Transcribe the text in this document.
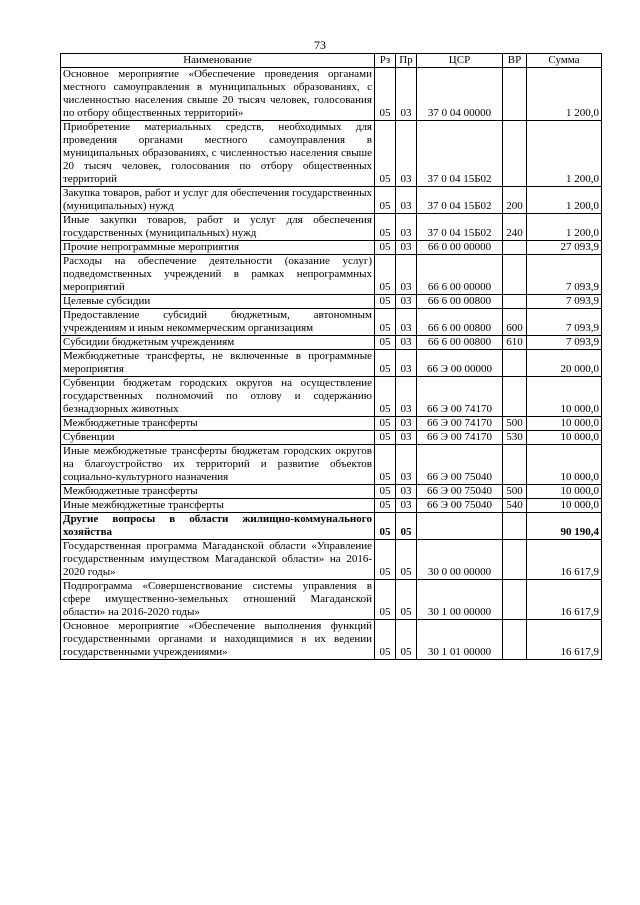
73
Наименование	Рз	Пр	ЦСР	ВР	Сумма
Основное мероприятие «Обеспечение проведения органами местного самоуправления в муниципальных образованиях, с численностью населения свыше 20 тысяч человек, голосования по отбору общественных территорий»	05	03	37 0 04 00000		1 200,0
Приобретение материальных средств, необходимых для проведения органами местного самоуправления в муниципальных образованиях, с численностью населения свыше 20 тысяч человек, голосования по отбору общественных территорий	05	03	37 0 04 15Б02		1 200,0
Закупка товаров, работ и услуг для обеспечения государственных (муниципальных) нужд	05	03	37 0 04 15Б02	200	1 200,0
Иные закупки товаров, работ и услуг для обеспечения государственных (муниципальных) нужд	05	03	37 0 04 15Б02	240	1 200,0
Прочие непрограммные мероприятия	05	03	66 0 00 00000		27 093,9
Расходы на обеспечение деятельности (оказание услуг) подведомственных учреждений в рамках непрограммных мероприятий	05	03	66 6 00 00000		7 093,9
Целевые субсидии	05	03	66 6 00 00800		7 093,9
Предоставление субсидий бюджетным, автономным учреждениям и иным некоммерческим организациям	05	03	66 6 00 00800	600	7 093,9
Субсидии бюджетным учреждениям	05	03	66 6 00 00800	610	7 093,9
Межбюджетные трансферты, не включенные в программные мероприятия	05	03	66 Э 00 00000		20 000,0
Субвенции бюджетам городских округов на осуществление государственных полномочий по отлову и содержанию безнадзорных животных	05	03	66 Э 00 74170		10 000,0
Межбюджетные трансферты	05	03	66 Э 00 74170	500	10 000,0
Субвенции	05	03	66 Э 00 74170	530	10 000,0
Иные межбюджетные трансферты бюджетам городских округов на благоустройство их территорий и развитие объектов социально-культурного назначения	05	03	66 Э 00 75040		10 000,0
Межбюджетные трансферты	05	03	66 Э 00 75040	500	10 000,0
Иные межбюджетные трансферты	05	03	66 Э 00 75040	540	10 000,0
Другие вопросы в области жилищно-коммунального хозяйства	05	05			90 190,4
Государственная программа Магаданской области «Управление государственным имуществом Магаданской области» на 2016-2020 годы»	05	05	30 0 00 00000		16 617,9
Подпрограмма «Совершенствование системы управления в сфере имущественно-земельных отношений Магаданской области» на 2016-2020 годы»	05	05	30 1 00 00000		16 617,9
Основное мероприятие «Обеспечение выполнения функций государственными органами и находящимися в их ведении государственными учреждениями»	05	05	30 1 01 00000		16 617,9
